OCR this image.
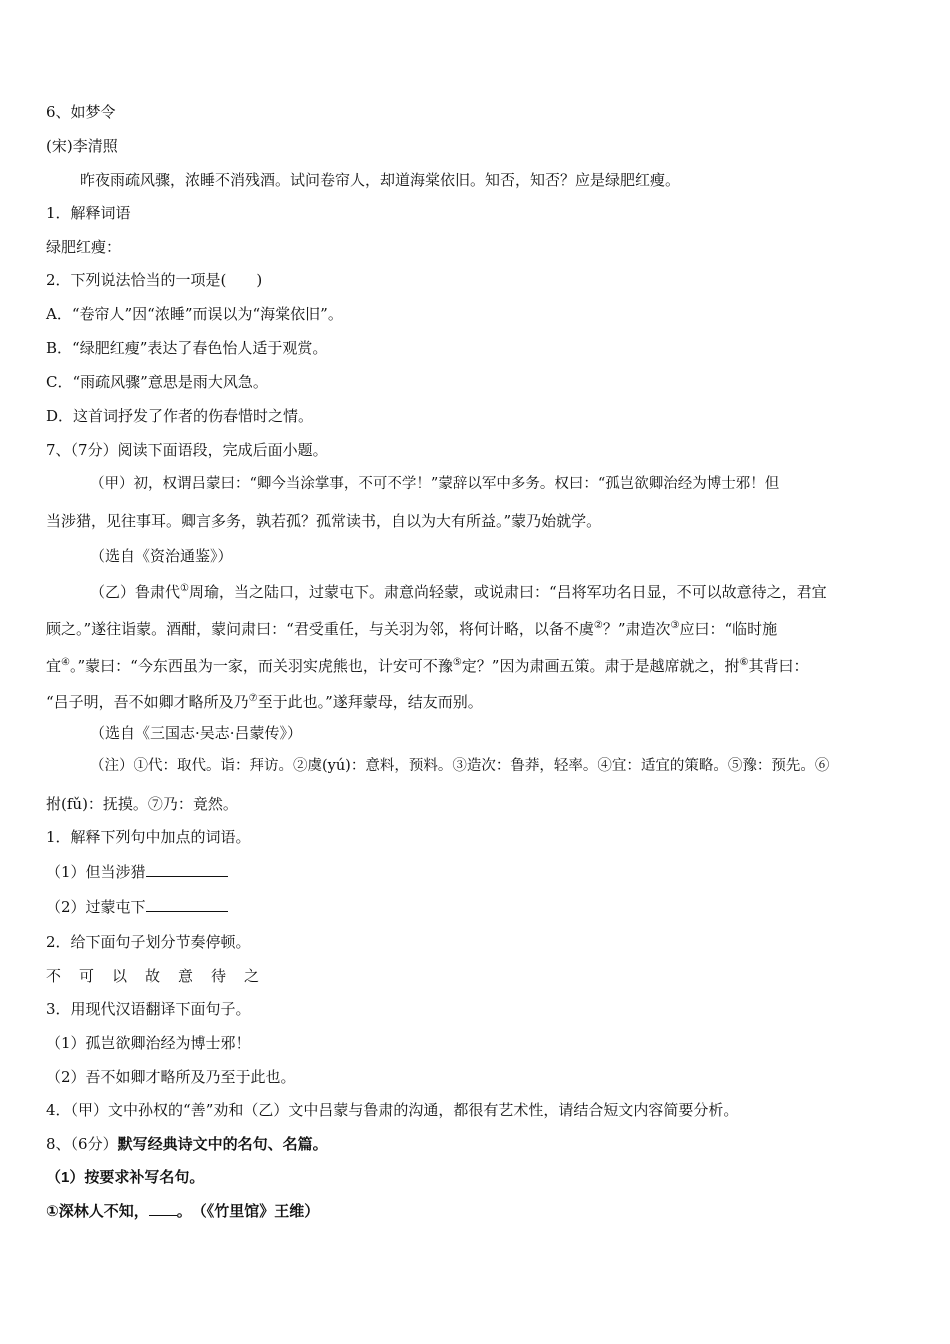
6、如梦令
(宋)李清照
昨夜雨疏风骤，浓睡不消残酒。试问卷帘人，却道海棠依旧。知否，知否？应是绿肥红瘦。
1．解释词语
绿肥红瘦：
2．下列说法恰当的一项是(　　)
A．“卷帘人”因“浓睡”而误以为“海棠依旧”。
B．“绿肥红瘦”表达了春色怡人适于观赏。
C．“雨疏风骤”意思是雨大风急。
D．这首词抒发了作者的伤春惜时之情。
7、（7分）阅读下面语段，完成后面小题。
（甲）初，权谓吕蒙曰：“卿今当涂掌事，不可不学！”蒙辞以军中多务。权曰：“孤岂欲卿治经为博士邪！但
当涉猎，见往事耳。卿言多务，孰若孤？孤常读书，自以为大有所益。”蒙乃始就学。
（选自《资治通鉴》）
（乙）鲁肃代①周瑜，当之陆口，过蒙屯下。肃意尚轻蒙，或说肃曰：“吕将军功名日显，不可以故意待之，君宜
顾之。”遂往诣蒙。酒酣，蒙问肃曰：“君受重任，与关羽为邻，将何计略，以备不虞②？”肃造次③应曰：“临时施
宜④。”蒙曰：“今东西虽为一家，而关羽实虎熊也，计安可不豫⑤定？”因为肃画五策。肃于是越席就之，拊⑥其背曰：
“吕子明，吾不如卿才略所及乃⑦至于此也。”遂拜蒙母，结友而别。
（选自《三国志·吴志·吕蒙传》）
（注）①代：取代。诣：拜访。②虞(yú)：意料，预料。③造次：鲁莽，轻率。④宜：适宜的策略。⑤豫：预先。⑥
拊(fǔ)：抚摸。⑦乃：竟然。
1．解释下列句中加点的词语。
（1）但当涉猎
（2）过蒙屯下
2．给下面句子划分节奏停顿。
不 可 以 故 意 待 之
3．用现代汉语翻译下面句子。
（1）孤岂欲卿治经为博士邪！
（2）吾不如卿才略所及乃至于此也。
4．（甲）文中孙权的“善”劝和（乙）文中吕蒙与鲁肃的沟通，都很有艺术性，请结合短文内容简要分析。
8、（6分）默写经典诗文中的名句、名篇。
（1）按要求补写名句。
①深林人不知， 。　（《竹里馆》王维）
